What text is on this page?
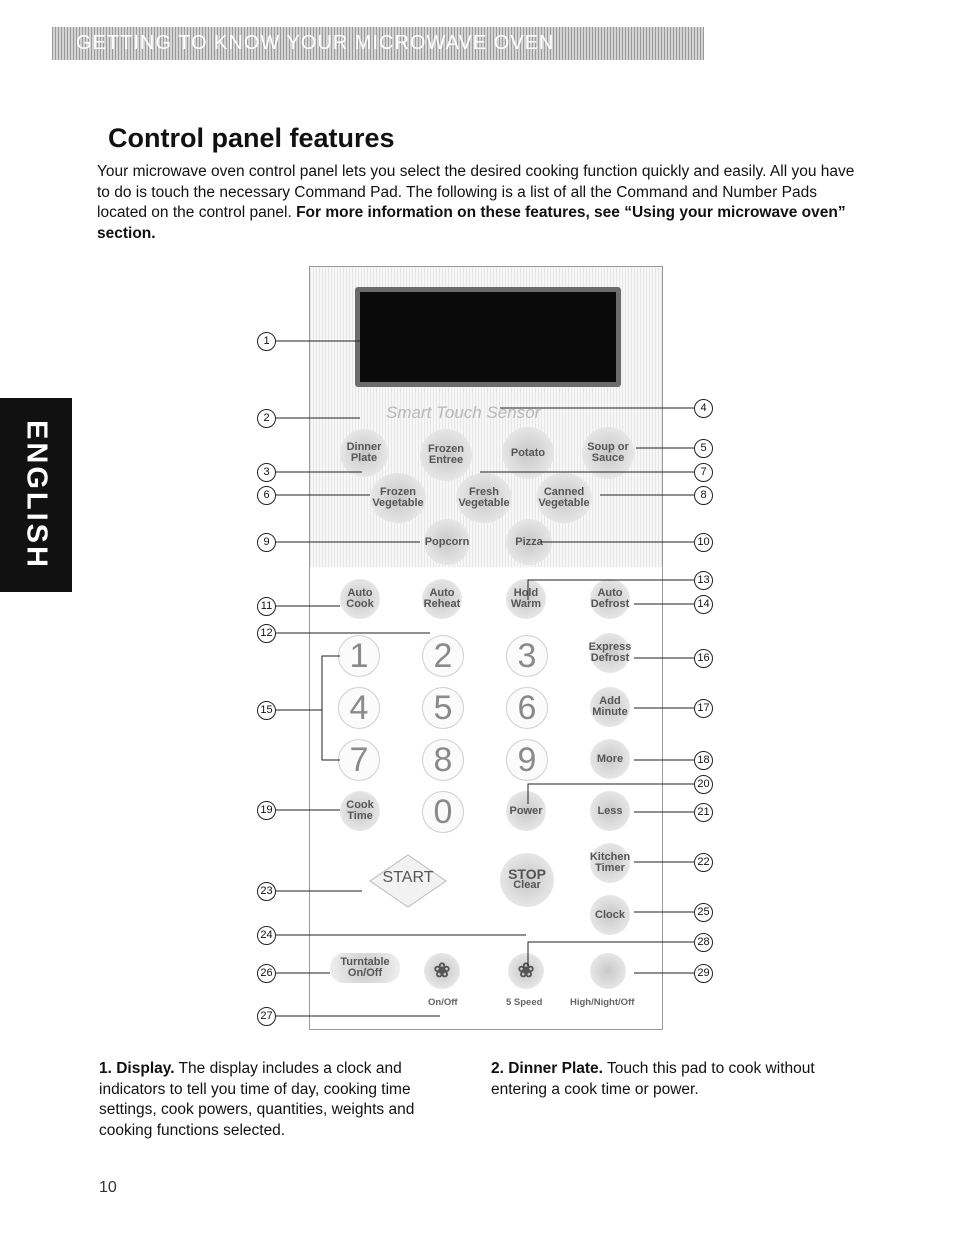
GETTING TO KNOW YOUR MICROWAVE OVEN
ENGLISH
Control panel features

Your microwave oven control panel lets you select the desired cooking function quickly and easily. All you have to do is touch the necessary Command Pad. The following is a list of all the Command and Number Pads located on the control panel. For more information on these features, see “Using your microwave oven” section.

Smart Touch Sensor
Dinner Plate
Frozen Entree
Potato	Soup or Sauce
Frozen Vegetable
Fresh Vegetable
Canned Vegetable
Popcorn	Pizza
Auto Cook
Auto Reheat
Hold Warm
Auto Defrost
Express Defrost
Add Minute
More
Cook Time	Power	Less
Kitchen Timer
Clock
1	2	3
4	5	6
7	8	9
0
START	STOP
Clear
Turntable On/Off	❀	❀
On/Off	5 Speed	High/Night/Off
1
2
3
4
5
6
7
8
9	10
11
12
13
14
15
16
17
18
19
20
21
22
23
24
25
26
27
28
29

1. Display. The display includes a clock and indicators to tell you time of day, cooking time settings, cook powers, quantities, weights and cooking functions selected.

2. Dinner Plate. Touch this pad to cook without entering a cook time or power.

10
